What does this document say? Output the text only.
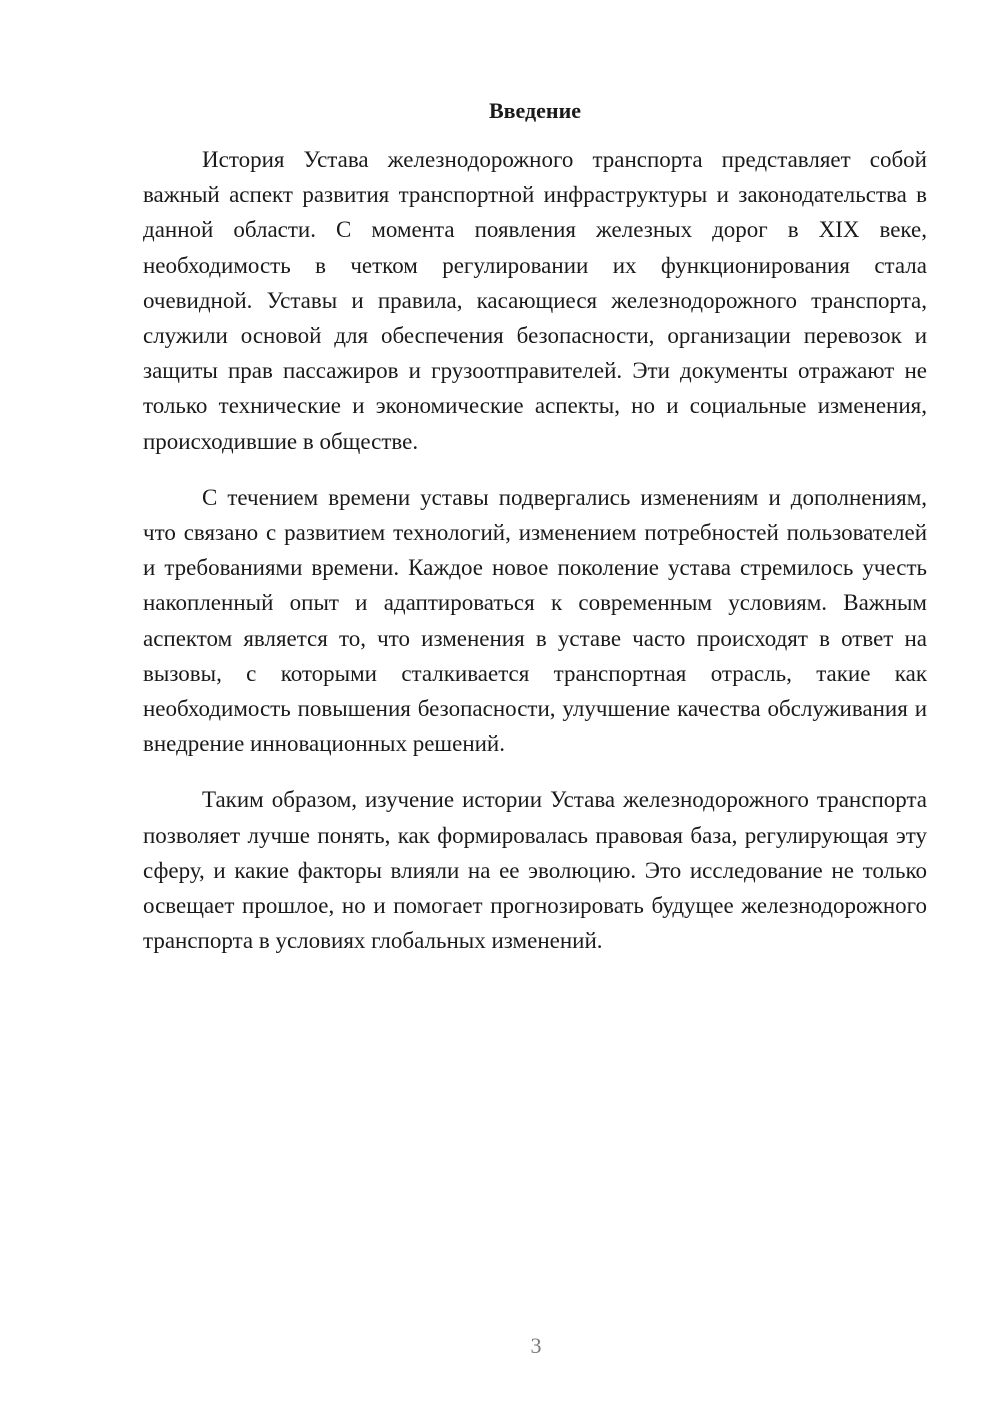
Введение

История Устава железнодорожного транспорта представляет собой важный аспект развития транспортной инфраструктуры и законодательства в данной области. С момента появления железных дорог в XIX веке, необходимость в четком регулировании их функционирования стала очевидной. Уставы и правила, касающиеся железнодорожного транспорта, служили основой для обеспечения безопасности, организации перевозок и защиты прав пассажиров и грузоотправителей. Эти документы отражают не только технические и экономические аспекты, но и социальные изменения, происходившие в обществе.

С течением времени уставы подвергались изменениям и дополнениям, что связано с развитием технологий, изменением потребностей пользователей и требованиями времени. Каждое новое поколение устава стремилось учесть накопленный опыт и адаптироваться к современным условиям. Важным аспектом является то, что изменения в уставе часто происходят в ответ на вызовы, с которыми сталкивается транспортная отрасль, такие как необходимость повышения безопасности, улучшение качества обслуживания и внедрение инновационных решений.

Таким образом, изучение истории Устава железнодорожного транспорта позволяет лучше понять, как формировалась правовая база, регулирующая эту сферу, и какие факторы влияли на ее эволюцию. Это исследование не только освещает прошлое, но и помогает прогнозировать будущее железнодорожного транспорта в условиях глобальных изменений.

3
